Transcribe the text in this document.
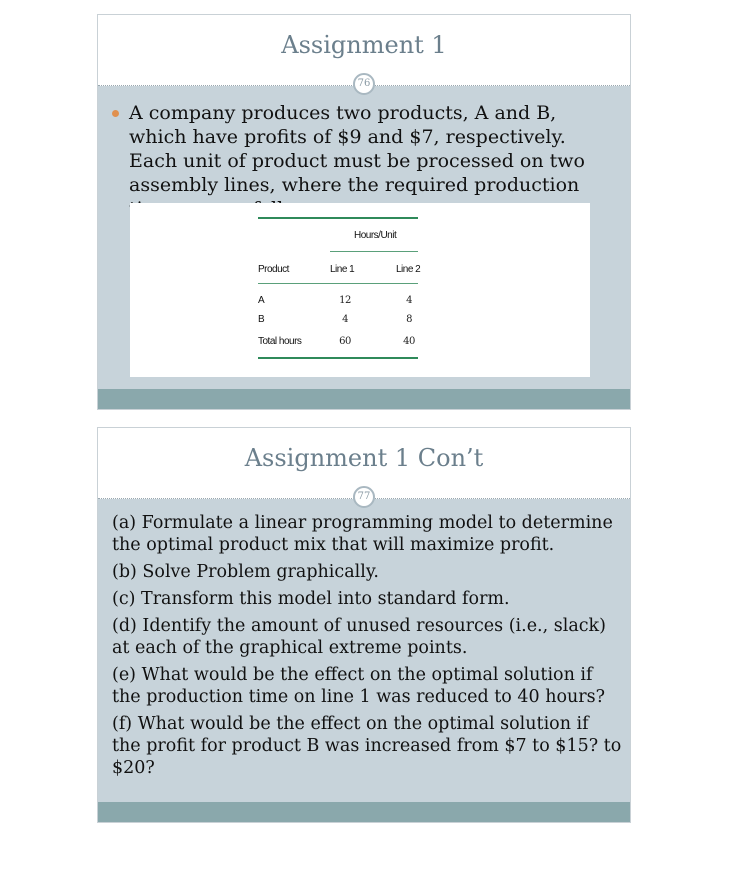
Assignment 1
76
A company produces two products, A and B, which have profits of $9 and $7, respectively. Each unit of product must be processed on two assembly lines, where the required production
Hours/Unit
Product	Line 1	Line 2
A	12	4
B	4	8
Total hours	60	40
Assignment 1 Con’t
77

(a) Formulate a linear programming model to determine the optimal product mix that will maximize profit.

(b) Solve Problem graphically.

(c) Transform this model into standard form.

(d) Identify the amount of unused resources (i.e., slack) at each of the graphical extreme points.

(e) What would be the effect on the optimal solution if the production time on line 1 was reduced to 40 hours?

(f) What would be the effect on the optimal solution if the profit for product B was increased from $7 to $15? to $20?
